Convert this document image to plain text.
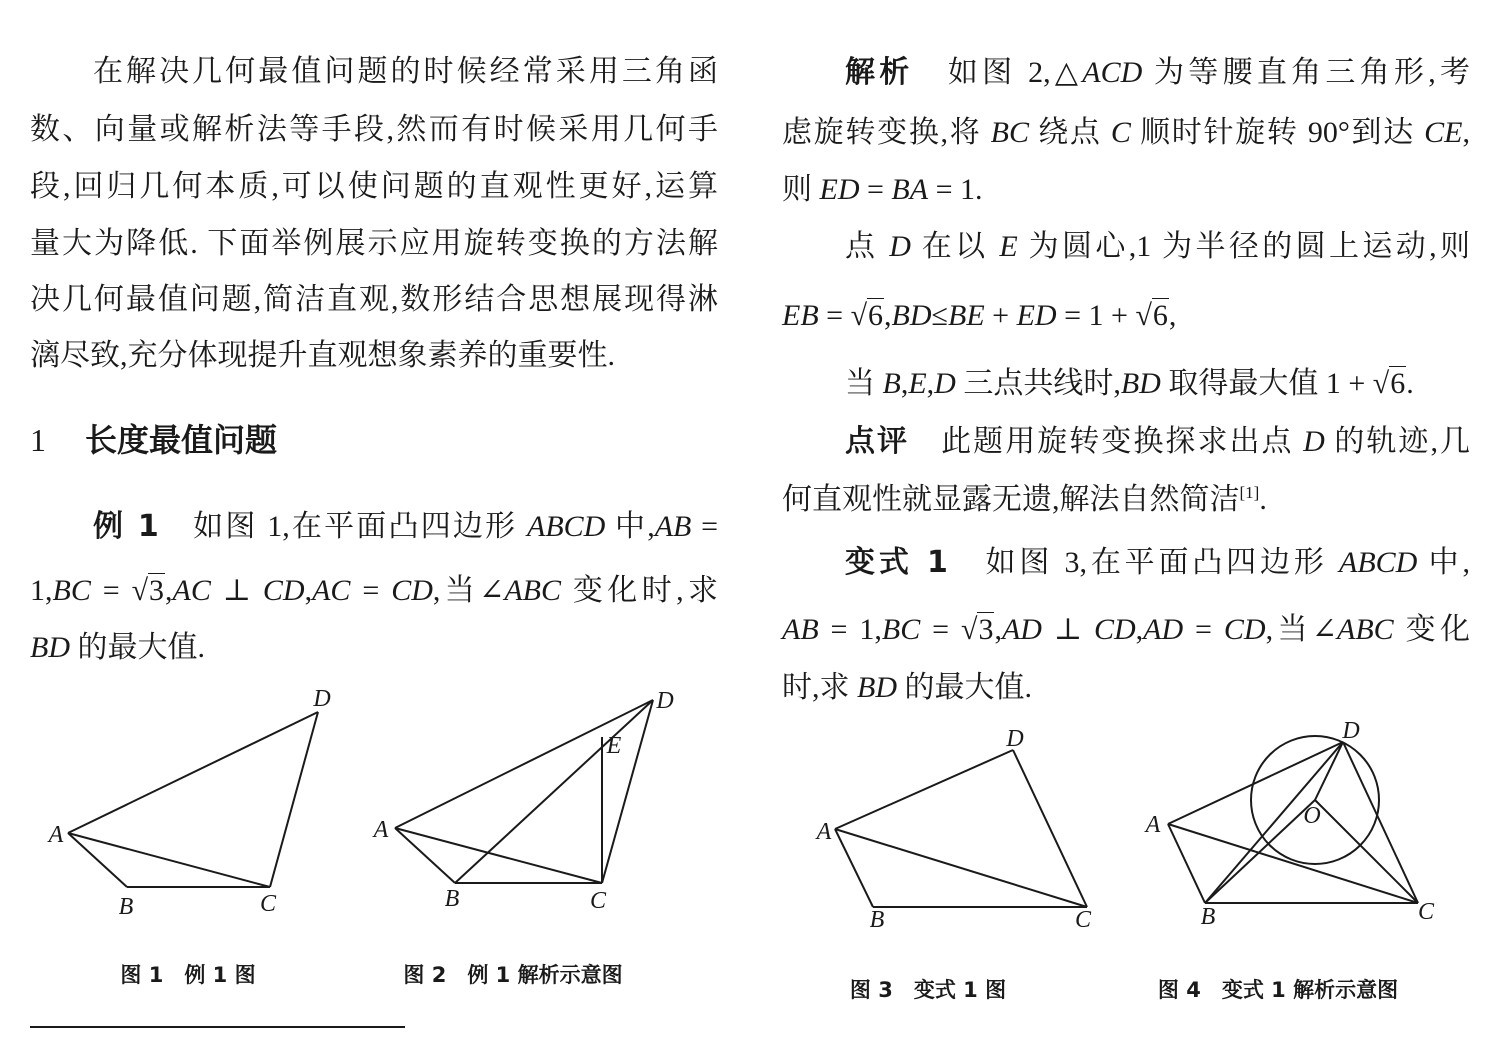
在解决几何最值问题的时候经常采用三角函
数、向量或解析法等手段,然而有时候采用几何手
段,回归几何本质,可以使问题的直观性更好,运算
量大为降低. 下面举例展示应用旋转变换的方法解
决几何最值问题,简洁直观,数形结合思想展现得淋
漓尽致,充分体现提升直观想象素养的重要性.
1 长度最值问题
例 1　如图 1,在平面凸四边形 ABCD 中,AB =
1,BC = √ 3,AC ⊥ CD,AC = CD,当∠ABC 变化时,求
BD 的最大值.
解析　如图 2,△ACD 为等腰直角三角形,考
虑旋转变换,将 BC 绕点 C 顺时针旋转 90°到达 CE,
则 ED = BA = 1.
点 D 在以 E 为圆心,1 为半径的圆上运动,则
EB = √ 6,BD≤BE + ED = 1 + √ 6,
当 B,E,D 三点共线时,BD 取得最大值 1 + √ 6.
点评　此题用旋转变换探求出点 D 的轨迹,几
何直观性就显露无遗,解法自然简洁[1].
变式 1　如图 3,在平面凸四边形 ABCD 中,
AB = 1,BC = √ 3,AD ⊥ CD,AD = CD,当∠ABC 变化
时,求 BD 的最大值.
A
B	C
D
A
B	C
D
E
A
B	C
D
A
B	C
D
O
图 1　例 1 图	图 2　例 1 解析示意图
图 3　变式 1 图	图 4　变式 1 解析示意图
